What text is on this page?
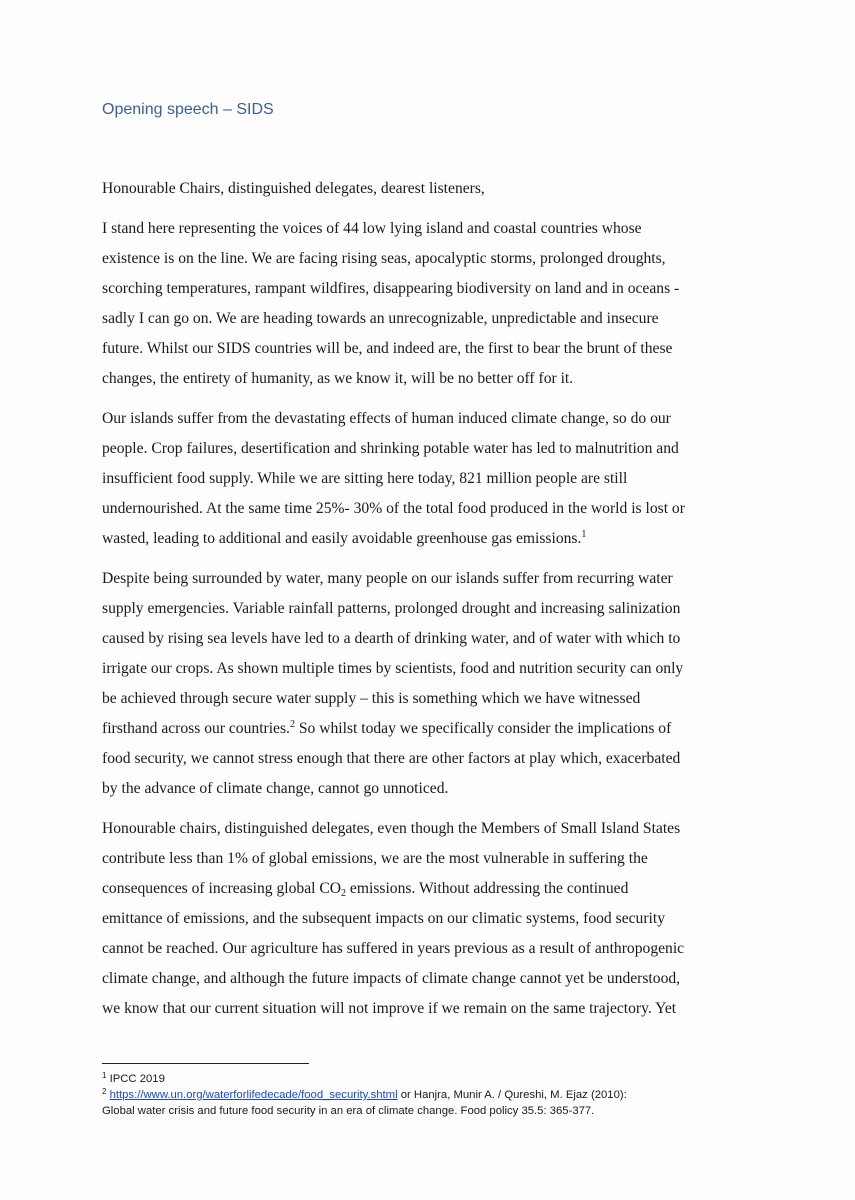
Opening speech – SIDS

Honourable Chairs, distinguished delegates, dearest listeners,

I stand here representing the voices of 44 low lying island and coastal countries whose
existence is on the line. We are facing rising seas, apocalyptic storms, prolonged droughts,
scorching temperatures, rampant wildfires, disappearing biodiversity on land and in oceans -
sadly I can go on. We are heading towards an unrecognizable, unpredictable and insecure
future. Whilst our SIDS countries will be, and indeed are, the first to bear the brunt of these
changes, the entirety of humanity, as we know it, will be no better off for it.

Our islands suffer from the devastating effects of human induced climate change, so do our
people. Crop failures, desertification and shrinking potable water has led to malnutrition and
insufficient food supply. While we are sitting here today, 821 million people are still
undernourished. At the same time 25%- 30% of the total food produced in the world is lost or
wasted, leading to additional and easily avoidable greenhouse gas emissions.$^1$

Despite being surrounded by water, many people on our islands suffer from recurring water
supply emergencies. Variable rainfall patterns, prolonged drought and increasing salinization
caused by rising sea levels have led to a dearth of drinking water, and of water with which to
irrigate our crops. As shown multiple times by scientists, food and nutrition security can only
be achieved through secure water supply – this is something which we have witnessed
firsthand across our countries.$^2$ So whilst today we specifically consider the implications of
food security, we cannot stress enough that there are other factors at play which, exacerbated
by the advance of climate change, cannot go unnoticed.

Honourable chairs, distinguished delegates, even though the Members of Small Island States
contribute less than 1% of global emissions, we are the most vulnerable in suffering the
consequences of increasing global $CO_2$ emissions. Without addressing the continued
emittance of emissions, and the subsequent impacts on our climatic systems, food security
cannot be reached. Our agriculture has suffered in years previous as a result of anthropogenic
climate change, and although the future impacts of climate change cannot yet be understood,
we know that our current situation will not improve if we remain on the same trajectory. Yet

$^1$ IPCC 2019
$^2$ https://www.un.org/waterforlifedecade/food_security.shtml or Hanjra, Munir A. / Qureshi, M. Ejaz (2010):
Global water crisis and future food security in an era of climate change. Food policy 35.5: 365-377.
